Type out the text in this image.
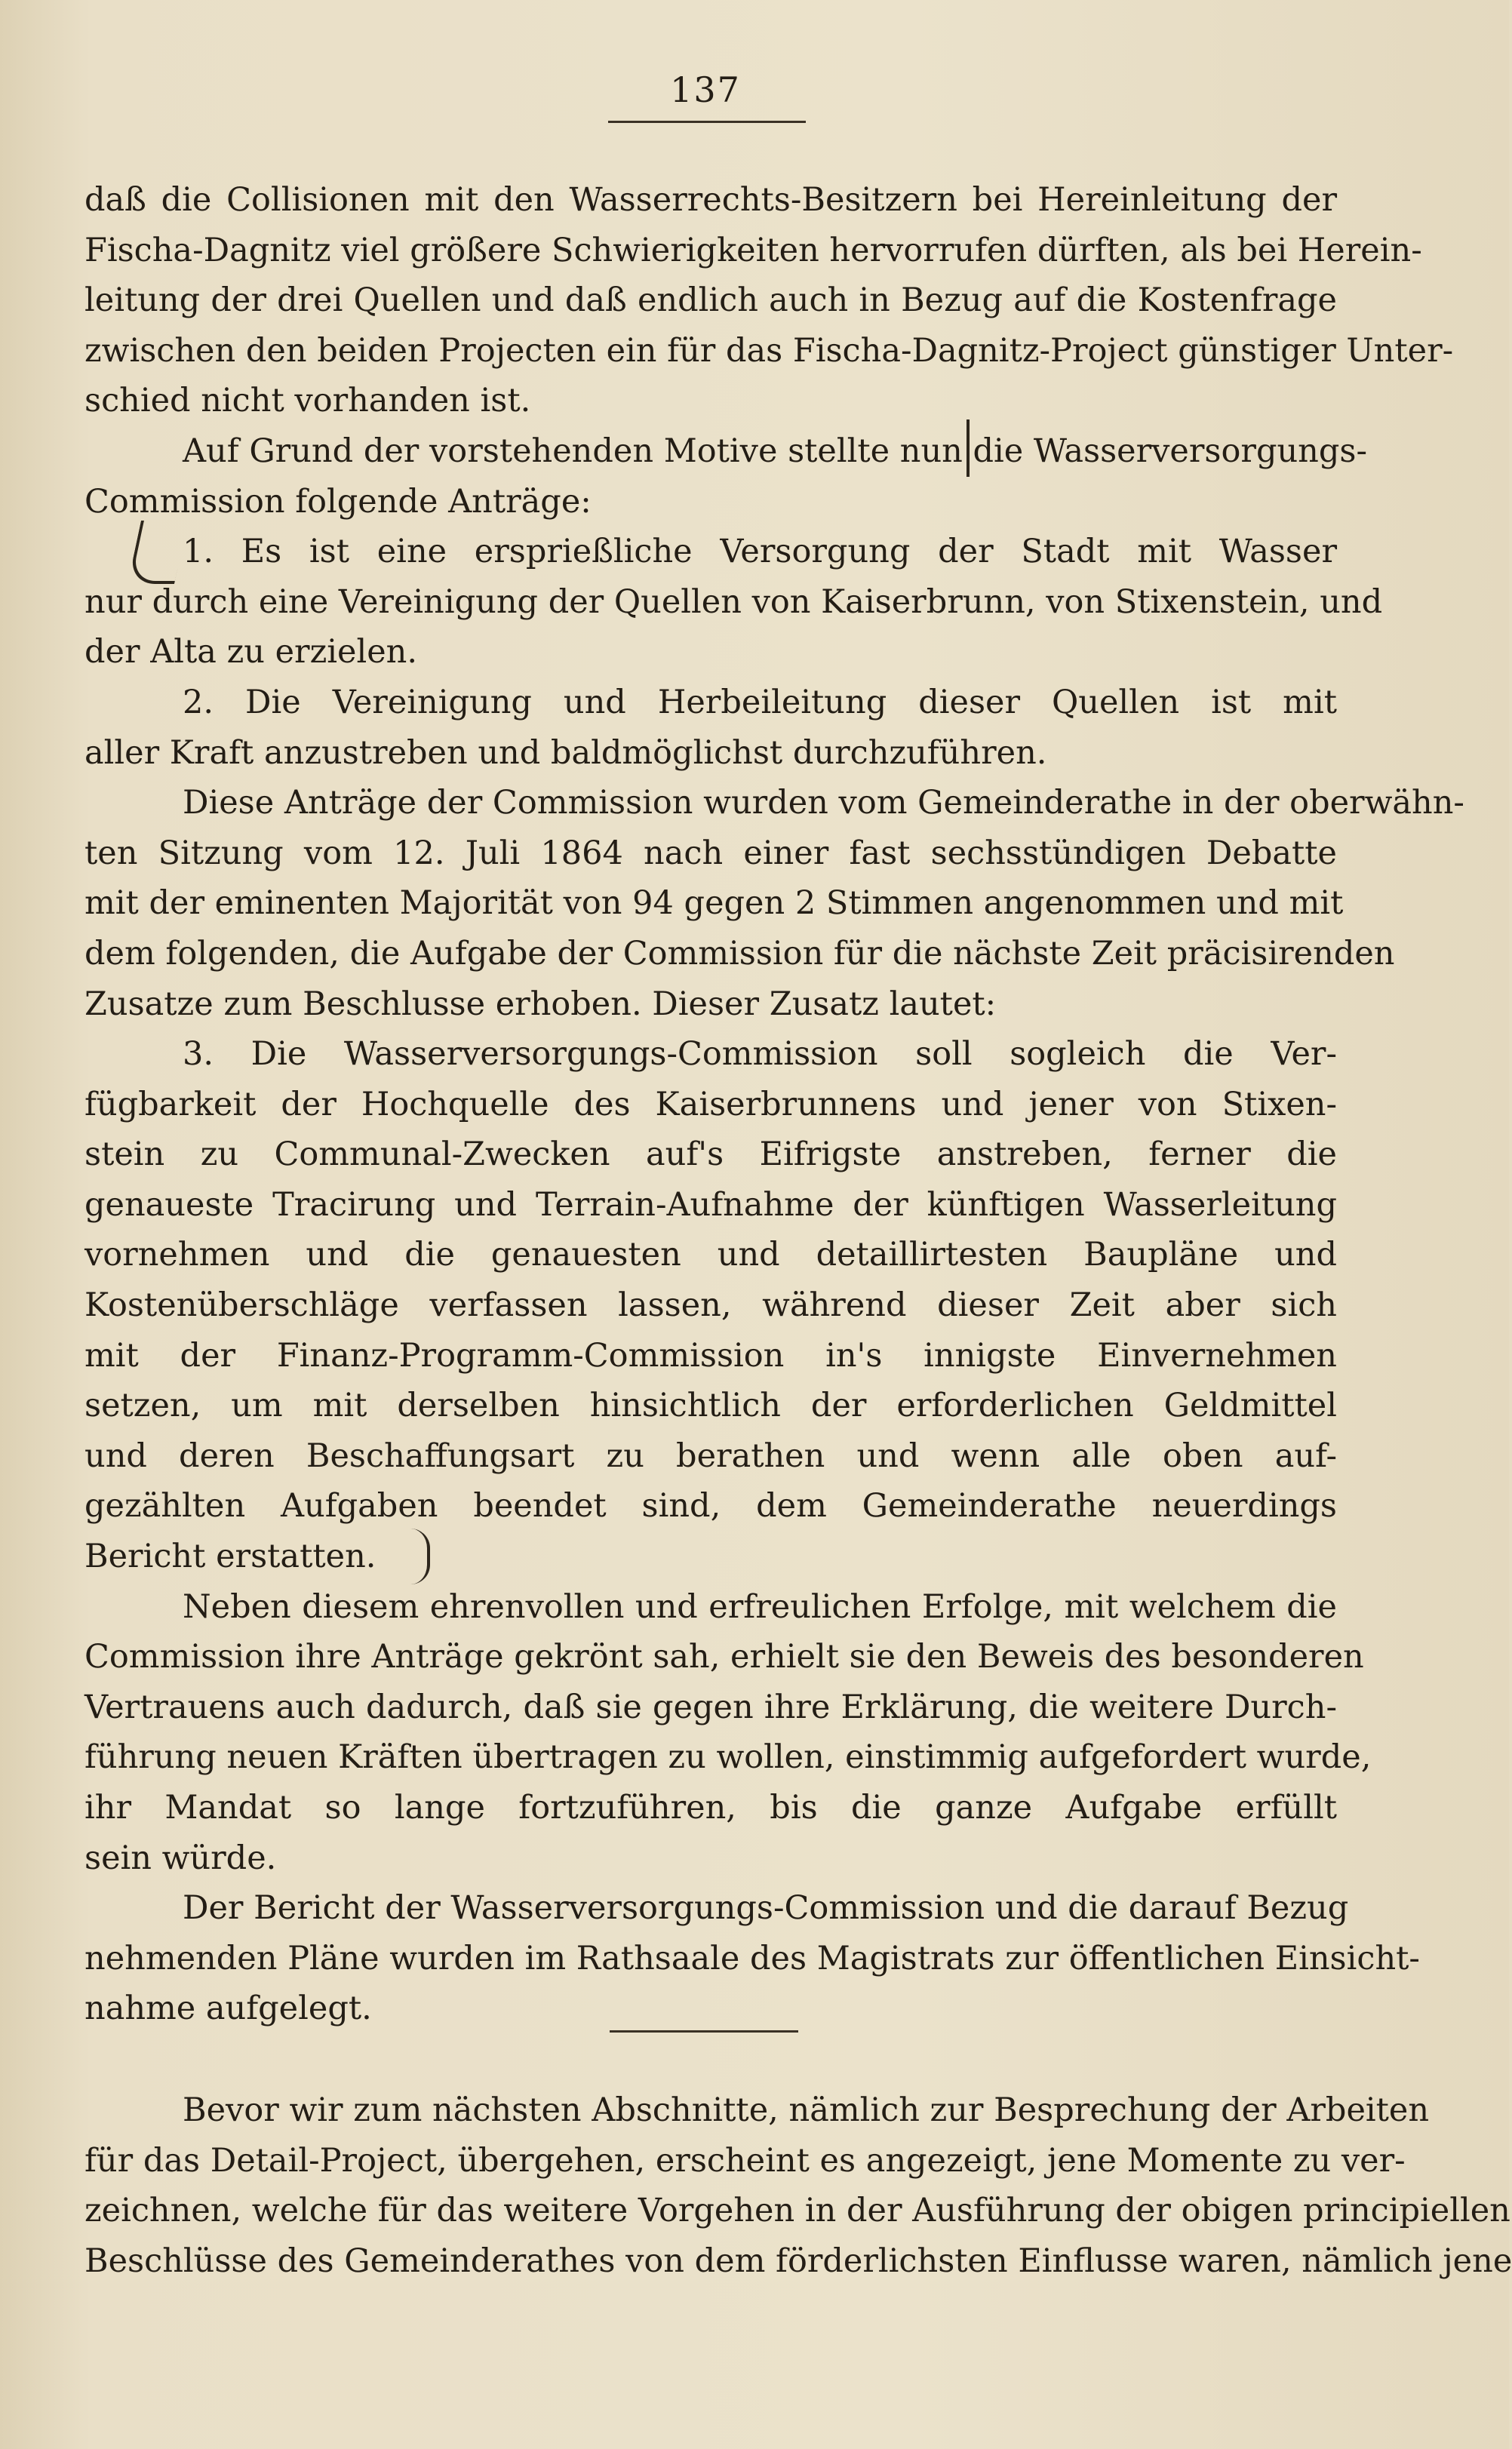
137
daß die Collisionen mit den Wasserrechts-Besitzern bei Hereinleitung der
Fischa-Dagnitz viel größere Schwierigkeiten hervorrufen dürften, als bei Herein-
leitung der drei Quellen und daß endlich auch in Bezug auf die Kostenfrage
zwischen den beiden Projecten ein für das Fischa-Dagnitz-Project günstiger Unter-
schied nicht vorhanden ist.
Auf Grund der vorstehenden Motive stellte nun die Wasserversorgungs-
Commission folgende Anträge:
1. Es ist eine ersprießliche Versorgung der Stadt mit Wasser
nur durch eine Vereinigung der Quellen von Kaiserbrunn, von Stixenstein, und
der Alta zu erzielen.
2. Die Vereinigung und Herbeileitung dieser Quellen ist mit
aller Kraft anzustreben und baldmöglichst durchzuführen.
Diese Anträge der Commission wurden vom Gemeinderathe in der oberwähn-
ten Sitzung vom 12. Juli 1864 nach einer fast sechsstündigen Debatte
mit der eminenten Majorität von 94 gegen 2 Stimmen angenommen und mit
dem folgenden, die Aufgabe der Commission für die nächste Zeit präcisirenden
Zusatze zum Beschlusse erhoben. Dieser Zusatz lautet:
3. Die Wasserversorgungs-Commission soll sogleich die Ver-
fügbarkeit der Hochquelle des Kaiserbrunnens und jener von Stixen-
stein zu Communal-Zwecken auf's Eifrigste anstreben, ferner die
genaueste Tracirung und Terrain-Aufnahme der künftigen Wasserleitung
vornehmen und die genauesten und detaillirtesten Baupläne und
Kostenüberschläge verfassen lassen, während dieser Zeit aber sich
mit der Finanz-Programm-Commission in's innigste Einvernehmen
setzen, um mit derselben hinsichtlich der erforderlichen Geldmittel
und deren Beschaffungsart zu berathen und wenn alle oben auf-
gezählten Aufgaben beendet sind, dem Gemeinderathe neuerdings
Bericht erstatten.
Neben diesem ehrenvollen und erfreulichen Erfolge, mit welchem die
Commission ihre Anträge gekrönt sah, erhielt sie den Beweis des besonderen
Vertrauens auch dadurch, daß sie gegen ihre Erklärung, die weitere Durch-
führung neuen Kräften übertragen zu wollen, einstimmig aufgefordert wurde,
ihr Mandat so lange fortzuführen, bis die ganze Aufgabe erfüllt
sein würde.
Der Bericht der Wasserversorgungs-Commission und die darauf Bezug
nehmenden Pläne wurden im Rathsaale des Magistrats zur öffentlichen Einsicht-
nahme aufgelegt.
Bevor wir zum nächsten Abschnitte, nämlich zur Besprechung der Arbeiten
für das Detail-Project, übergehen, erscheint es angezeigt, jene Momente zu ver-
zeichnen, welche für das weitere Vorgehen in der Ausführung der obigen principiellen
Beschlüsse des Gemeinderathes von dem förderlichsten Einflusse waren, nämlich jene
